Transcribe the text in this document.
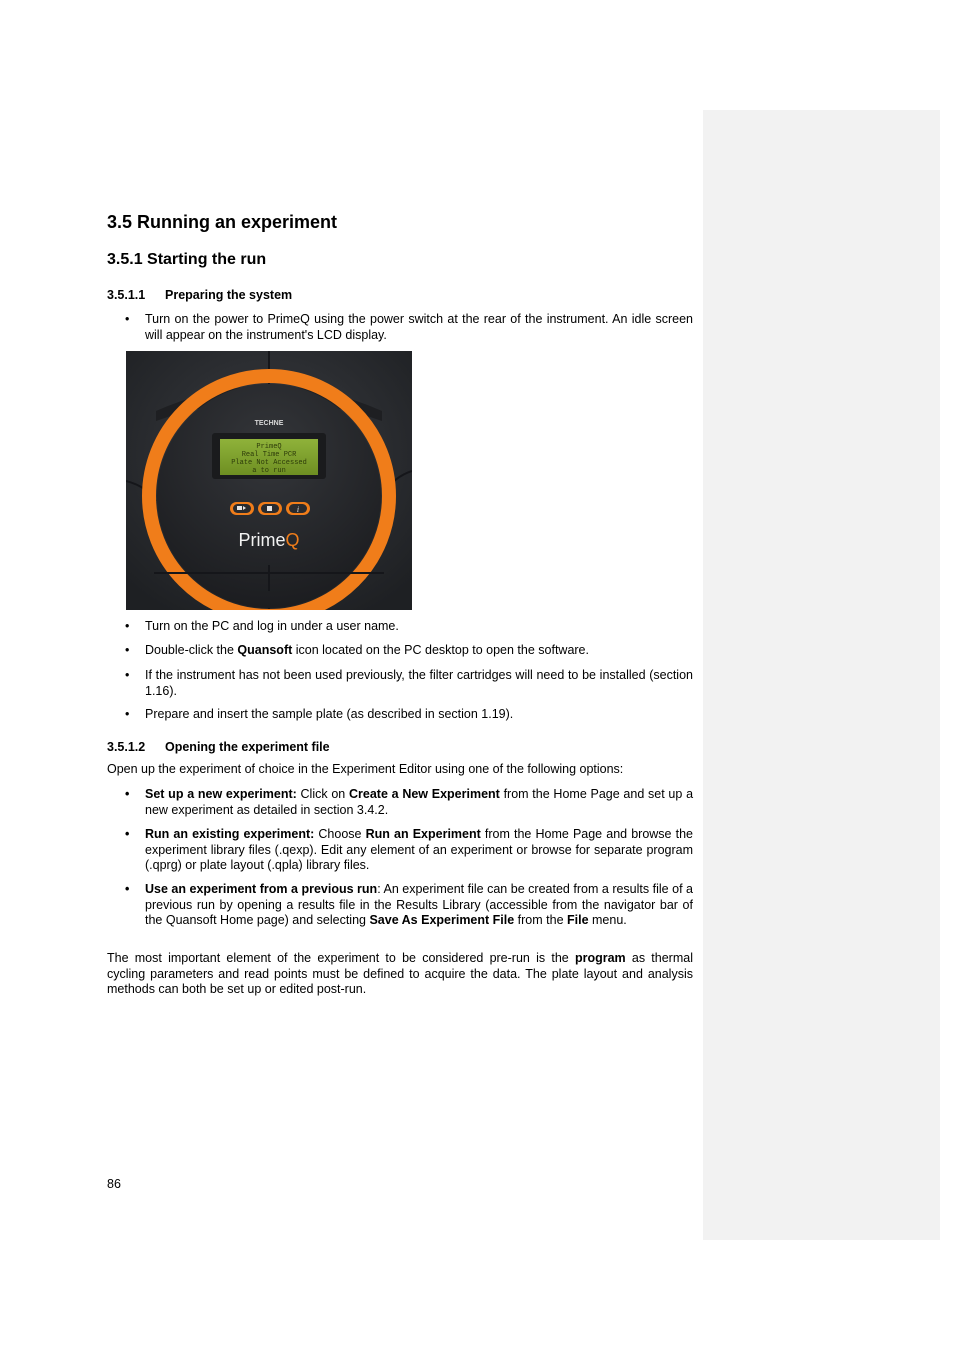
3.5 Running an experiment
3.5.1 Starting the run
3.5.1.1 Preparing the system
• Turn on the power to PrimeQ using the power switch at the rear of the instrument. An idle screen will appear on the instrument's LCD display.
• Turn on the PC and log in under a user name.
• Double-click the Quansoft icon located on the PC desktop to open the software.
• If the instrument has not been used previously, the filter cartridges will need to be installed (section 1.16).
• Prepare and insert the sample plate (as described in section 1.19).
3.5.1.2 Opening the experiment file

Open up the experiment of choice in the Experiment Editor using one of the following options:

• Set up a new experiment: Click on Create a New Experiment from the Home Page and set up a new experiment as detailed in section 3.4.2.
• Run an existing experiment: Choose Run an Experiment from the Home Page and browse the experiment library files (.qexp). Edit any element of an experiment or browse for separate program (.qprg) or plate layout (.qpla) library files.
• Use an experiment from a previous run: An experiment file can be created from a results file of a previous run by opening a results file in the Results Library (accessible from the navigator bar of the Quansoft Home page) and selecting Save As Experiment File from the File menu.

The most important element of the experiment to be considered pre-run is the program as thermal cycling parameters and read points must be defined to acquire the data. The plate layout and analysis methods can both be set up or edited post-run.

TECHNE
PrimeQ
Real Time PCR
Plate Not Accessed
a to run
i
PrimeQ
86
